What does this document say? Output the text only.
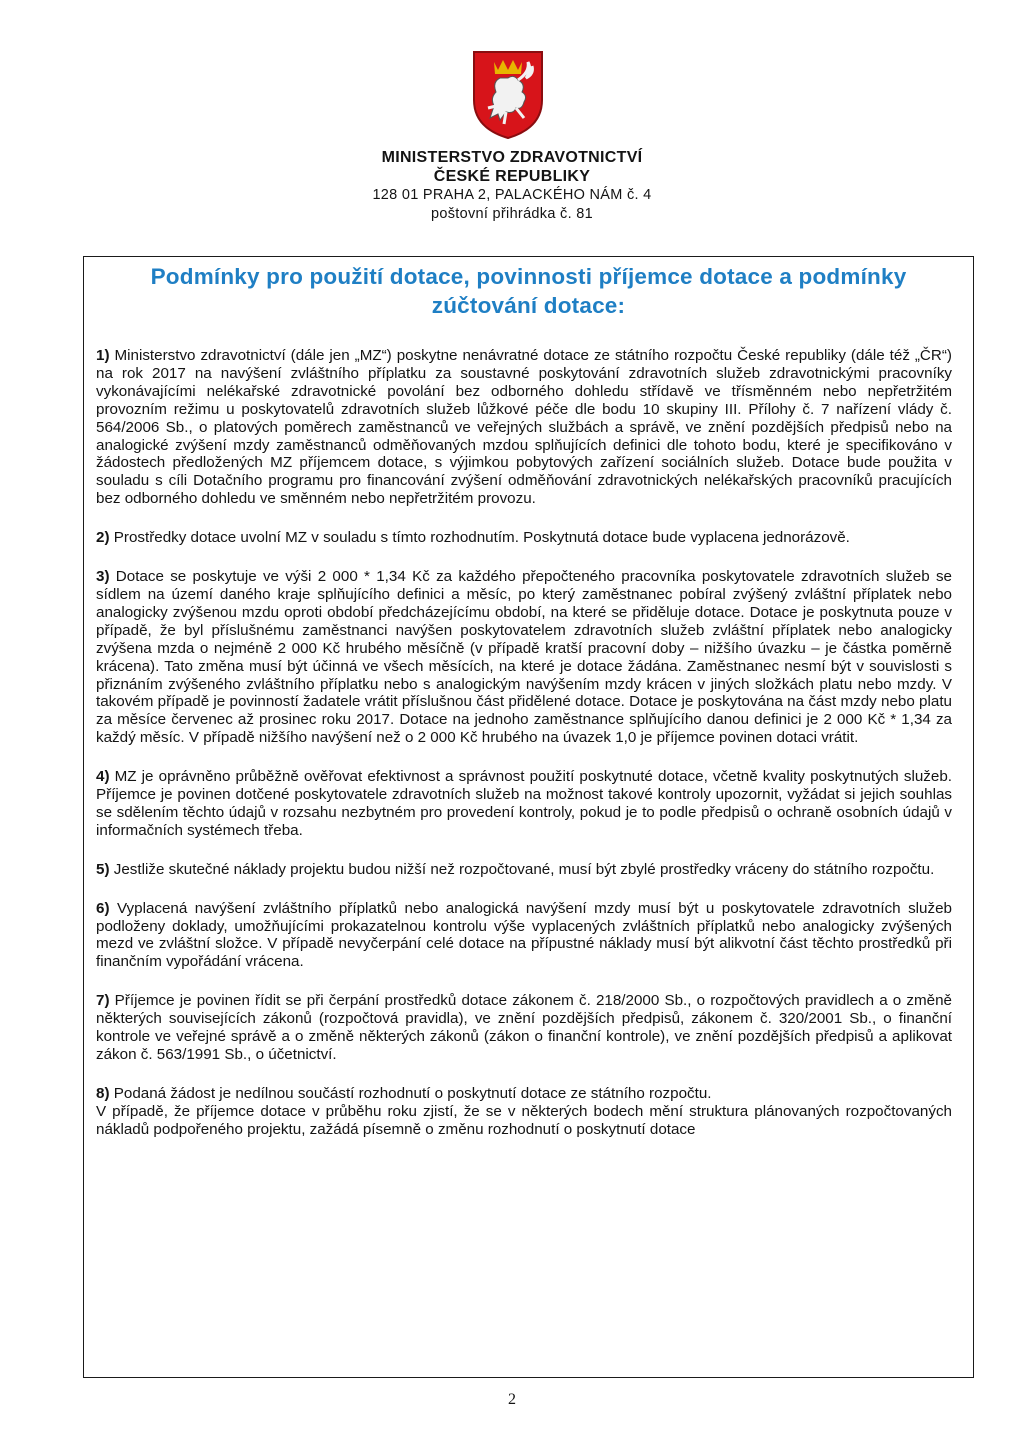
MINISTERSTVO ZDRAVOTNICTVÍ
ČESKÉ REPUBLIKY
128 01 PRAHA 2, PALACKÉHO NÁM č. 4
poštovní přihrádka č. 81
Podmínky pro použití dotace, povinnosti příjemce dotace a podmínky
zúčtování dotace:

1) Ministerstvo zdravotnictví (dále jen „MZ“) poskytne nenávratné dotace ze státního rozpočtu České republiky (dále též „ČR“) na rok 2017 na navýšení zvláštního příplatku za soustavné poskytování zdravotních služeb zdravotnickými pracovníky vykonávajícími nelékařské zdravotnické povolání bez odborného dohledu střídavě ve třísměnném nebo nepřetržitém provozním režimu u poskytovatelů zdravotních služeb lůžkové péče dle bodu 10 skupiny III. Přílohy č. 7 nařízení vlády č. 564/2006 Sb., o platových poměrech zaměstnanců ve veřejných službách a správě, ve znění pozdějších předpisů nebo na analogické zvýšení mzdy zaměstnanců odměňovaných mzdou splňujících definici dle tohoto bodu, které je specifikováno v žádostech předložených MZ příjemcem dotace, s výjimkou pobytových zařízení sociálních služeb. Dotace bude použita v souladu s cíli Dotačního programu pro financování zvýšení odměňování zdravotnických nelékařských pracovníků pracujících bez odborného dohledu ve směnném nebo nepřetržitém provozu.

2) Prostředky dotace uvolní MZ v souladu s tímto rozhodnutím. Poskytnutá dotace bude vyplacena jednorázově.

3) Dotace se poskytuje ve výši 2 000 * 1,34 Kč za každého přepočteného pracovníka poskytovatele zdravotních služeb se sídlem na území daného kraje splňujícího definici a měsíc, po který zaměstnanec pobíral zvýšený zvláštní příplatek nebo analogicky zvýšenou mzdu oproti období předcházejícímu období, na které se přiděluje dotace. Dotace je poskytnuta pouze v případě, že byl příslušnému zaměstnanci navýšen poskytovatelem zdravotních služeb zvláštní příplatek nebo analogicky zvýšena mzda o nejméně 2 000 Kč hrubého měsíčně (v případě kratší pracovní doby – nižšího úvazku – je částka poměrně krácena). Tato změna musí být účinná ve všech měsících, na které je dotace žádána. Zaměstnanec nesmí být v souvislosti s přiznáním zvýšeného zvláštního příplatku nebo s analogickým navýšením mzdy krácen v jiných složkách platu nebo mzdy. V takovém případě je povinností žadatele vrátit příslušnou část přidělené dotace. Dotace je poskytována na část mzdy nebo platu za měsíce červenec až prosinec roku 2017. Dotace na jednoho zaměstnance splňujícího danou definici je 2 000 Kč * 1,34 za každý měsíc. V případě nižšího navýšení než o 2 000 Kč hrubého na úvazek 1,0 je příjemce povinen dotaci vrátit.

4) MZ je oprávněno průběžně ověřovat efektivnost a správnost použití poskytnuté dotace, včetně kvality poskytnutých služeb. Příjemce je povinen dotčené poskytovatele zdravotních služeb na možnost takové kontroly upozornit, vyžádat si jejich souhlas se sdělením těchto údajů v rozsahu nezbytném pro provedení kontroly, pokud je to podle předpisů o ochraně osobních údajů v informačních systémech třeba.

5) Jestliže skutečné náklady projektu budou nižší než rozpočtované, musí být zbylé prostředky vráceny do státního rozpočtu.

6) Vyplacená navýšení zvláštního příplatků nebo analogická navýšení mzdy musí být u poskytovatele zdravotních služeb podloženy doklady, umožňujícími prokazatelnou kontrolu výše vyplacených zvláštních příplatků nebo analogicky zvýšených mezd ve zvláštní složce. V případě nevyčerpání celé dotace na přípustné náklady musí být alikvotní část těchto prostředků při finančním vypořádání vrácena.

7) Příjemce je povinen řídit se při čerpání prostředků dotace zákonem č. 218/2000 Sb., o rozpočtových pravidlech a o změně některých souvisejících zákonů (rozpočtová pravidla), ve znění pozdějších předpisů, zákonem č. 320/2001 Sb., o finanční kontrole ve veřejné správě a o změně některých zákonů (zákon o finanční kontrole), ve znění pozdějších předpisů a aplikovat zákon č. 563/1991 Sb., o účetnictví.

8) Podaná žádost je nedílnou součástí rozhodnutí o poskytnutí dotace ze státního rozpočtu.

V případě, že příjemce dotace v průběhu roku zjistí, že se v některých bodech mění struktura plánovaných rozpočtovaných nákladů podpořeného projektu, zažádá písemně o změnu rozhodnutí o poskytnutí dotace

2
